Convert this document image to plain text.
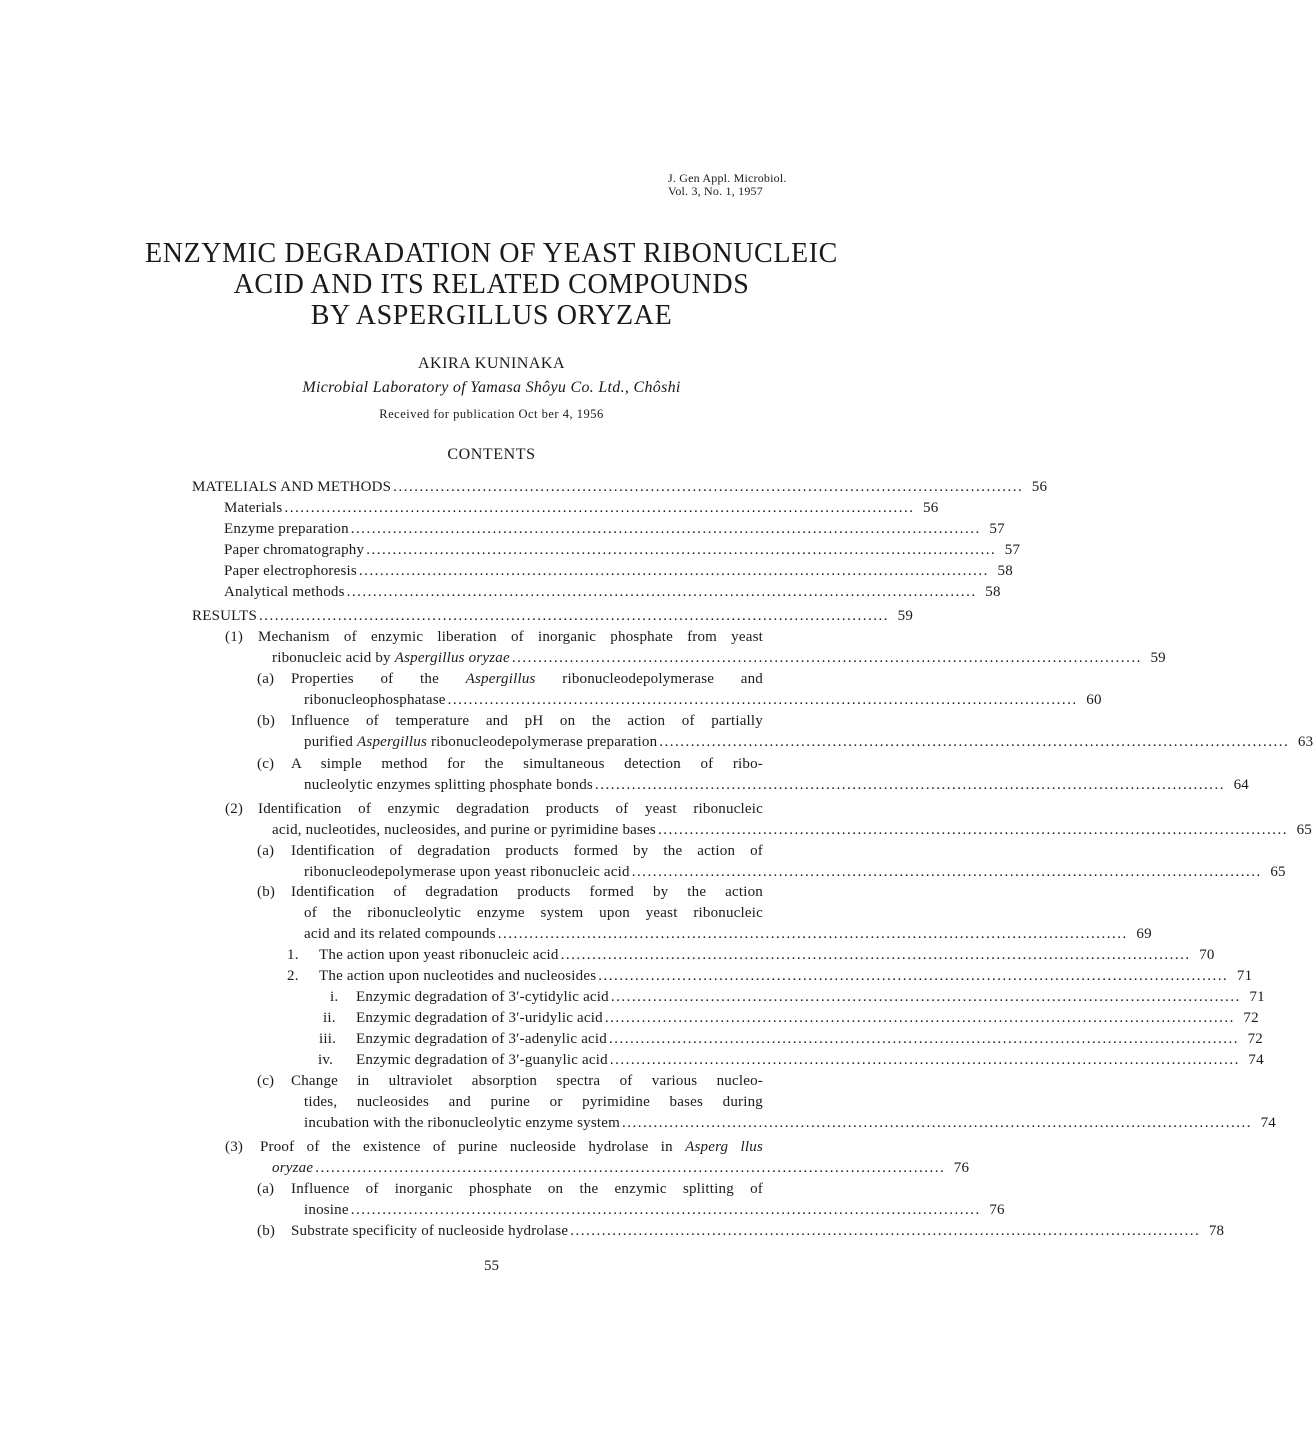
J. Gen Appl. Microbiol.
Vol. 3, No. 1, 1957
ENZYMIC DEGRADATION OF YEAST RIBONUCLEIC
ACID AND ITS RELATED COMPOUNDS
BY ASPERGILLUS ORYZAE
AKIRA KUNINAKA
Microbial Laboratory of Yamasa Shôyu Co. Ltd., Chôshi
Received for publication Oct ber 4, 1956
CONTENTS
MATELIALS AND METHODS ........................................................................................................................ 56
Materials ........................................................................................................................ 56
Enzyme preparation ........................................................................................................................ 57
Paper chromatography ........................................................................................................................ 57
Paper electrophoresis ........................................................................................................................ 58
Analytical methods ........................................................................................................................ 58
RESULTS ........................................................................................................................ 59
(1) Mechanism of enzymic liberation of inorganic phosphate from yeast
ribonucleic acid by Aspergillus oryzae ........................................................................................................................ 59
(a)	Properties of the Aspergillus ribonucleodepolymerase and
ribonucleophosphatase ........................................................................................................................ 60
(b)	Influence of temperature and pH on the action of partially
purified Aspergillus ribonucleodepolymerase preparation ........................................................................................................................ 63
(c)	A simple method for the simultaneous detection of ribo-
nucleolytic enzymes splitting phosphate bonds ........................................................................................................................ 64
(2) Identification of enzymic degradation products of yeast ribonucleic
acid, nucleotides, nucleosides, and purine or pyrimidine bases ........................................................................................................................ 65
(a)	Identification of degradation products formed by the action of
ribonucleodepolymerase upon yeast ribonucleic acid ........................................................................................................................ 65
(b)	Identification of degradation products formed by the action
of the ribonucleolytic enzyme system upon yeast ribonucleic
acid and its related compounds ........................................................................................................................ 69
1.	The action upon yeast ribonucleic acid ........................................................................................................................ 70
2.	The action upon nucleotides and nucleosides ........................................................................................................................ 71
i.	Enzymic degradation of 3′-cytidylic acid ........................................................................................................................ 71
ii.	Enzymic degradation of 3′-uridylic acid ........................................................................................................................ 72
iii.	Enzymic degradation of 3′-adenylic acid ........................................................................................................................ 72
iv.	Enzymic degradation of 3′-guanylic acid ........................................................................................................................ 74
(c)	Change in ultraviolet absorption spectra of various nucleo-
tides, nucleosides and purine or pyrimidine bases during
incubation with the ribonucleolytic enzyme system ........................................................................................................................ 74
(3)	Proof of the existence of purine nucleoside hydrolase in Asperg llus
oryzae ........................................................................................................................ 76
(a)	Influence of inorganic phosphate on the enzymic splitting of
inosine ........................................................................................................................ 76
(b)	Substrate specificity of nucleoside hydrolase ........................................................................................................................ 78
55
